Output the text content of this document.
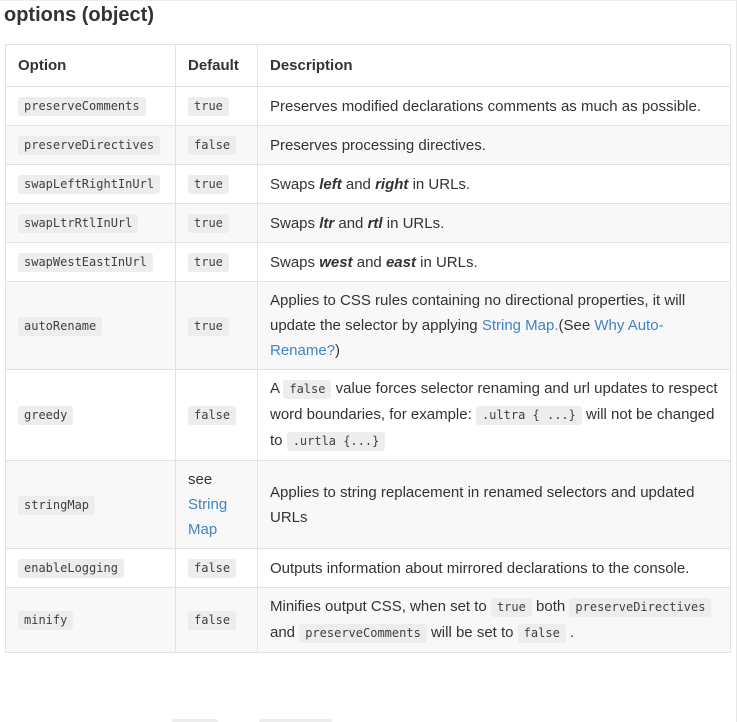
options (object)
Option	Default	Description
preserveComments	true	Preserves modified declarations comments as much as possible.
preserveDirectives	false	Preserves processing directives.
swapLeftRightInUrl	true	Swaps left and right in URLs.
swapLtrRtlInUrl	true	Swaps ltr and rtl in URLs.
swapWestEastInUrl	true	Swaps west and east in URLs.
autoRename	true	Applies to CSS rules containing no directional properties, it will update the selector by applying String Map.(See Why Auto-Rename?)
greedy	false	A false value forces selector renaming and url updates to respect word boundaries, for example: .ultra { ...} will not be changed to .urtla {...}
stringMap	see String Map	Applies to string replacement in renamed selectors and updated URLs
enableLogging	false	Outputs information about mirrored declarations to the console.
minify	false	Minifies output CSS, when set to true both preserveDirectives and preserveComments will be set to false .
